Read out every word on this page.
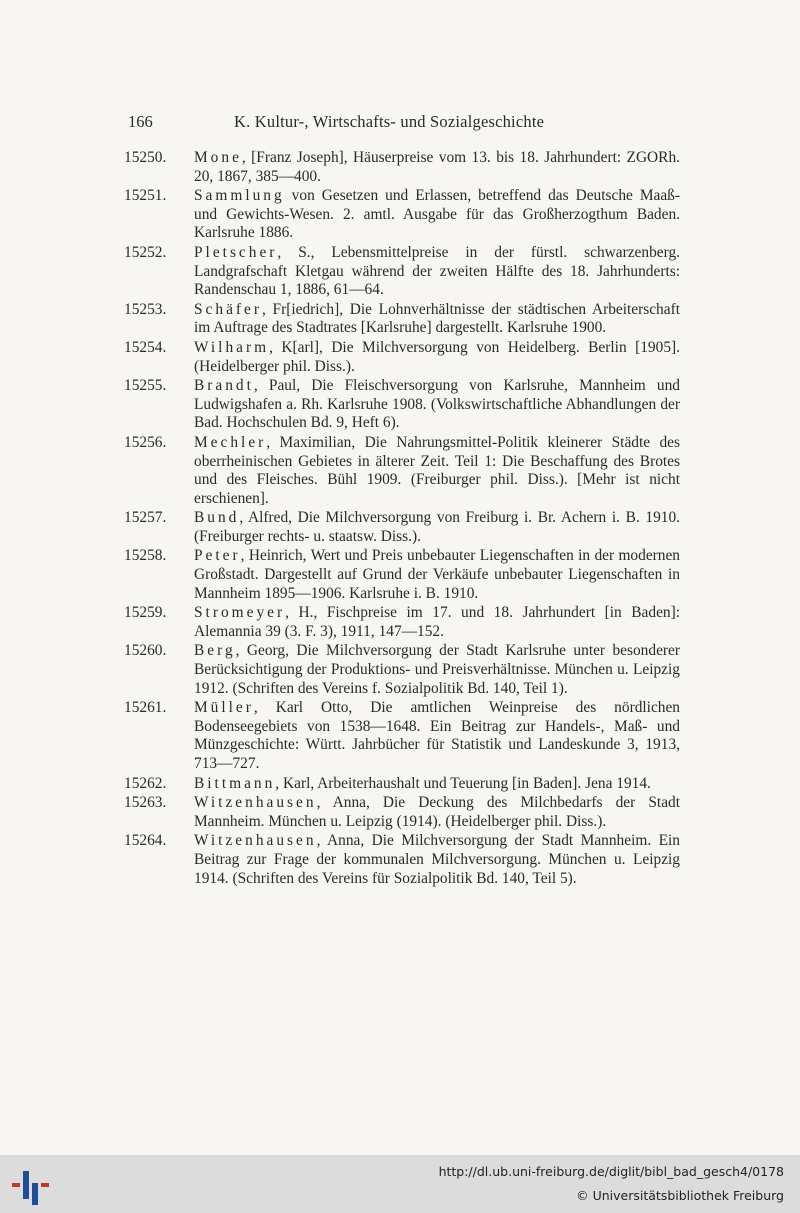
166	K. Kultur-, Wirtschafts- und Sozialgeschichte
15250. Mone, [Franz Joseph], Häuserpreise vom 13. bis 18. Jahrhundert: ZGORh. 20, 1867, 385—400.
15251. Sammlung von Gesetzen und Erlassen, betreffend das Deutsche Maaß- und Gewichts-Wesen. 2. amtl. Ausgabe für das Großherzogthum Baden. Karlsruhe 1886.
15252. Pletscher, S., Lebensmittelpreise in der fürstl. schwarzenberg. Landgrafschaft Kletgau während der zweiten Hälfte des 18. Jahrhunderts: Randenschau 1, 1886, 61—64.
15253. Schäfer, Fr[iedrich], Die Lohnverhältnisse der städtischen Arbeiterschaft im Auftrage des Stadtrates [Karlsruhe] dargestellt. Karlsruhe 1900.
15254. Wilharm, K[arl], Die Milchversorgung von Heidelberg. Berlin [1905]. (Heidelberger phil. Diss.).
15255. Brandt, Paul, Die Fleischversorgung von Karlsruhe, Mannheim und Ludwigshafen a. Rh. Karlsruhe 1908. (Volkswirtschaftliche Abhandlungen der Bad. Hochschulen Bd. 9, Heft 6).
15256. Mechler, Maximilian, Die Nahrungsmittel-Politik kleinerer Städte des oberrheinischen Gebietes in älterer Zeit. Teil 1: Die Beschaffung des Brotes und des Fleisches. Bühl 1909. (Freiburger phil. Diss.). [Mehr ist nicht erschienen].
15257. Bund, Alfred, Die Milchversorgung von Freiburg i. Br. Achern i. B. 1910. (Freiburger rechts- u. staatsw. Diss.).
15258. Peter, Heinrich, Wert und Preis unbebauter Liegenschaften in der modernen Großstadt. Dargestellt auf Grund der Verkäufe unbebauter Liegenschaften in Mannheim 1895—1906. Karlsruhe i. B. 1910.
15259. Stromeyer, H., Fischpreise im 17. und 18. Jahrhundert [in Baden]: Alemannia 39 (3. F. 3), 1911, 147—152.
15260. Berg, Georg, Die Milchversorgung der Stadt Karlsruhe unter besonderer Berücksichtigung der Produktions- und Preisverhältnisse. München u. Leipzig 1912. (Schriften des Vereins f. Sozialpolitik Bd. 140, Teil 1).
15261. Müller, Karl Otto, Die amtlichen Weinpreise des nördlichen Bodenseegebiets von 1538—1648. Ein Beitrag zur Handels-, Maß- und Münzgeschichte: Württ. Jahrbücher für Statistik und Landeskunde 3, 1913, 713—727.
15262. Bittmann, Karl, Arbeiterhaushalt und Teuerung [in Baden]. Jena 1914.
15263. Witzenhausen, Anna, Die Deckung des Milchbedarfs der Stadt Mannheim. München u. Leipzig (1914). (Heidelberger phil. Diss.).
15264. Witzenhausen, Anna, Die Milchversorgung der Stadt Mannheim. Ein Beitrag zur Frage der kommunalen Milchversorgung. München u. Leipzig 1914. (Schriften des Vereins für Sozialpolitik Bd. 140, Teil 5).
http://dl.ub.uni-freiburg.de/diglit/bibl_bad_gesch4/0178
© Universitätsbibliothek Freiburg
